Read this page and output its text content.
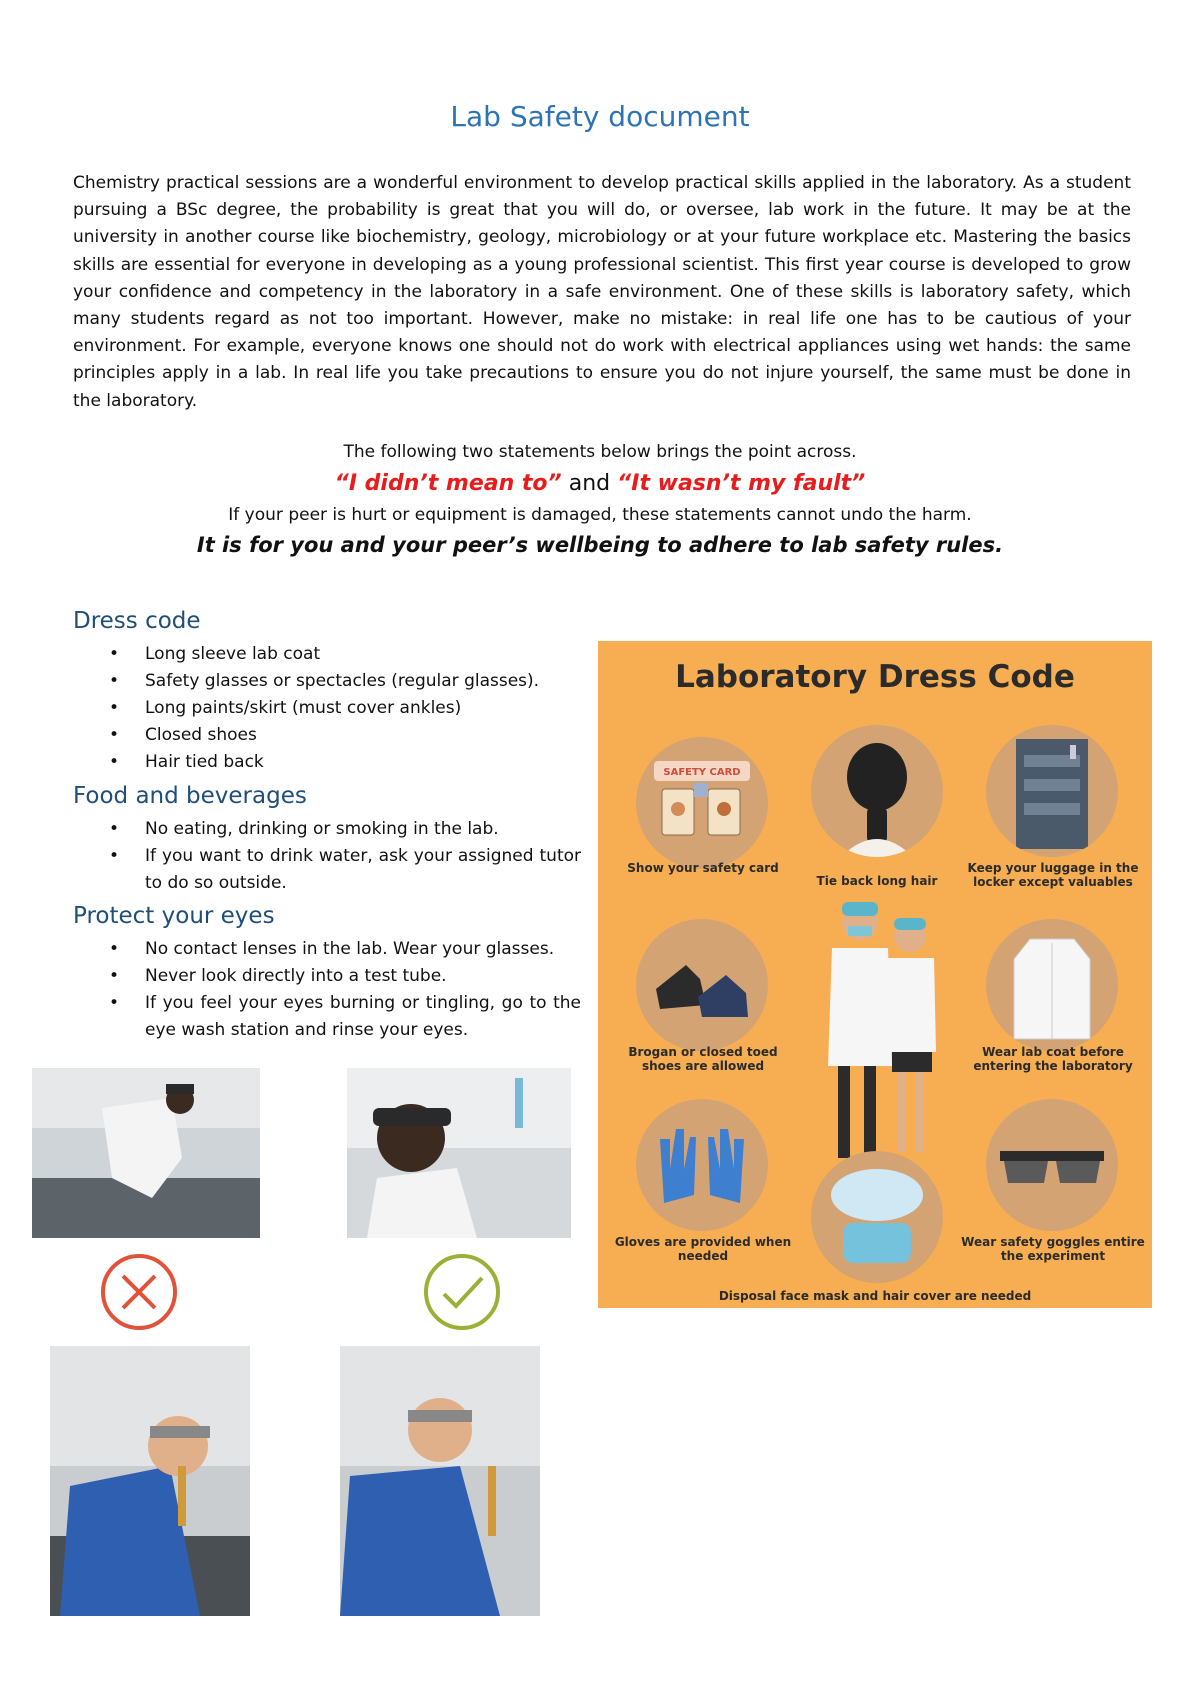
Lab Safety document

Chemistry practical sessions are a wonderful environment to develop practical skills applied in the laboratory. As a student pursuing a BSc degree, the probability is great that you will do, or oversee, lab work in the future. It may be at the university in another course like biochemistry, geology, microbiology or at your future workplace etc. Mastering the basics skills are essential for everyone in developing as a young professional scientist. This first year course is developed to grow your confidence and competency in the laboratory in a safe environment. One of these skills is laboratory safety, which many students regard as not too important. However, make no mistake: in real life one has to be cautious of your environment. For example, everyone knows one should not do work with electrical appliances using wet hands: the same principles apply in a lab. In real life you take precautions to ensure you do not injure yourself, the same must be done in the laboratory.

The following two statements below brings the point across.

“I didn’t mean to” and “It wasn’t my fault”

If your peer is hurt or equipment is damaged, these statements cannot undo the harm.

It is for you and your peer’s wellbeing to adhere to lab safety rules.

Dress code
• Long sleeve lab coat
• Safety glasses or spectacles (regular glasses).
• Long paints/skirt (must cover ankles)
• Closed shoes
• Hair tied back
Food and beverages
• No eating, drinking or smoking in the lab.
• If you want to drink water, ask your assigned tutor to do so outside.
Protect your eyes
• No contact lenses in the lab. Wear your glasses.
• Never look directly into a test tube.
• If you feel your eyes burning or tingling, go to the eye wash station and rinse your eyes.
Laboratory Dress Code
SAFETY CARD
Show your safety card
Tie back long hair
Keep your luggage in the locker except valuables
Brogan or closed toed shoes are allowed
Wear lab coat before entering the laboratory
Gloves are provided when needed
Wear safety goggles entire the experiment
Disposal face mask and hair cover are needed
